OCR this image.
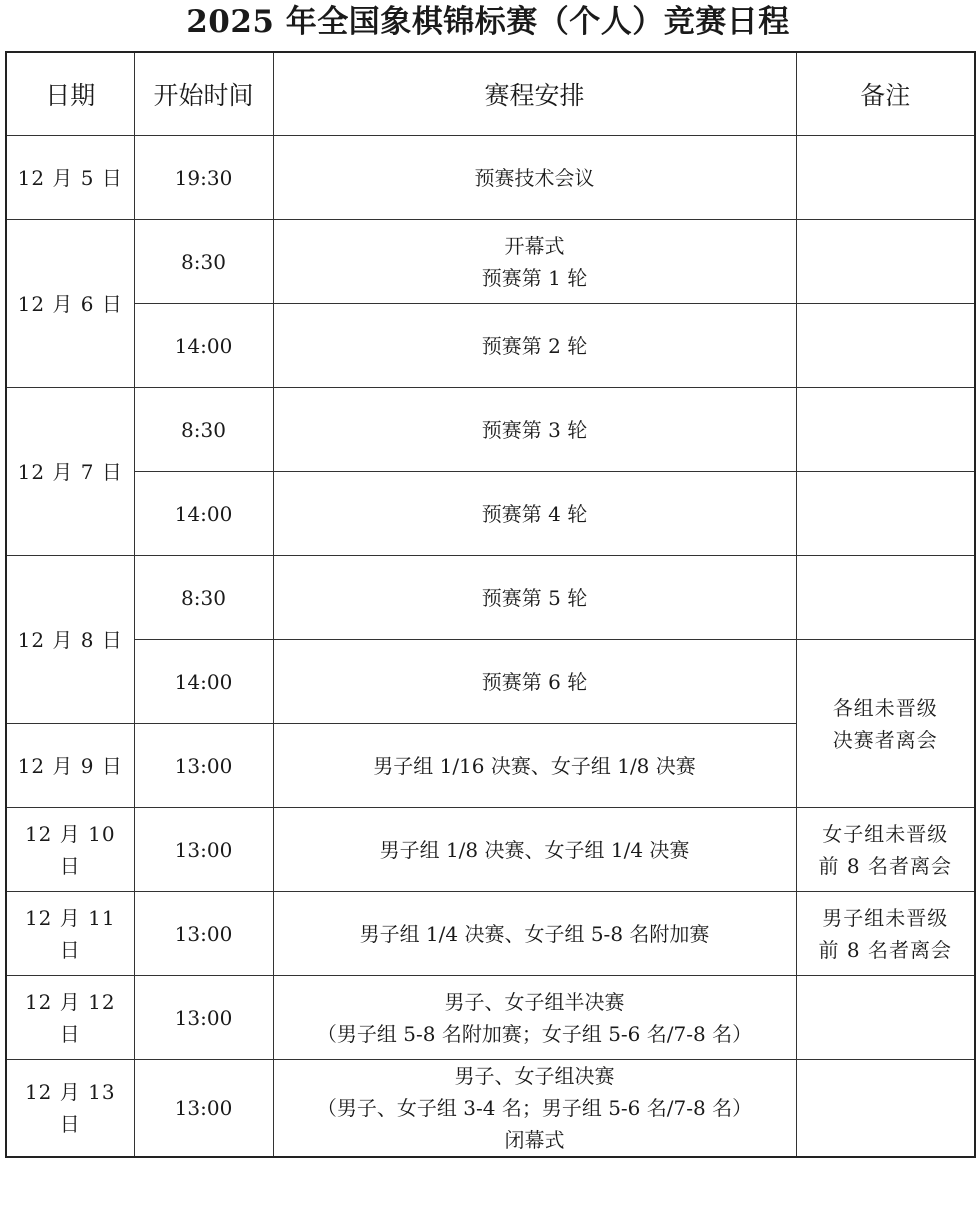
2025 年全国象棋锦标赛（个人）竞赛日程
日期	开始时间	赛程安排	备注
12 月 5 日	19:30	预赛技术会议	

12 月 6 日	8:30	开幕式
预赛第 1 轮	

	14:00	预赛第 2 轮	

12 月 7 日	8:30	预赛第 3 轮	

	14:00	预赛第 4 轮	

12 月 8 日	8:30	预赛第 5 轮	

	14:00	预赛第 6 轮	各组未晋级
决赛者离会

12 月 9 日	13:00	男子组 1/16 决赛、女子组 1/8 决赛	

12 月 10 日	13:00	男子组 1/8 决赛、女子组 1/4 决赛	女子组未晋级
前 8 名者离会

12 月 11 日	13:00	男子组 1/4 决赛、女子组 5-8 名附加赛	男子组未晋级
前 8 名者离会

12 月 12 日	13:00	男子、女子组半决赛
（男子组 5-8 名附加赛；女子组 5-6 名/7-8 名）	

12 月 13 日	13:00	男子、女子组决赛
（男子、女子组 3-4 名；男子组 5-6 名/7-8 名）
闭幕式	
